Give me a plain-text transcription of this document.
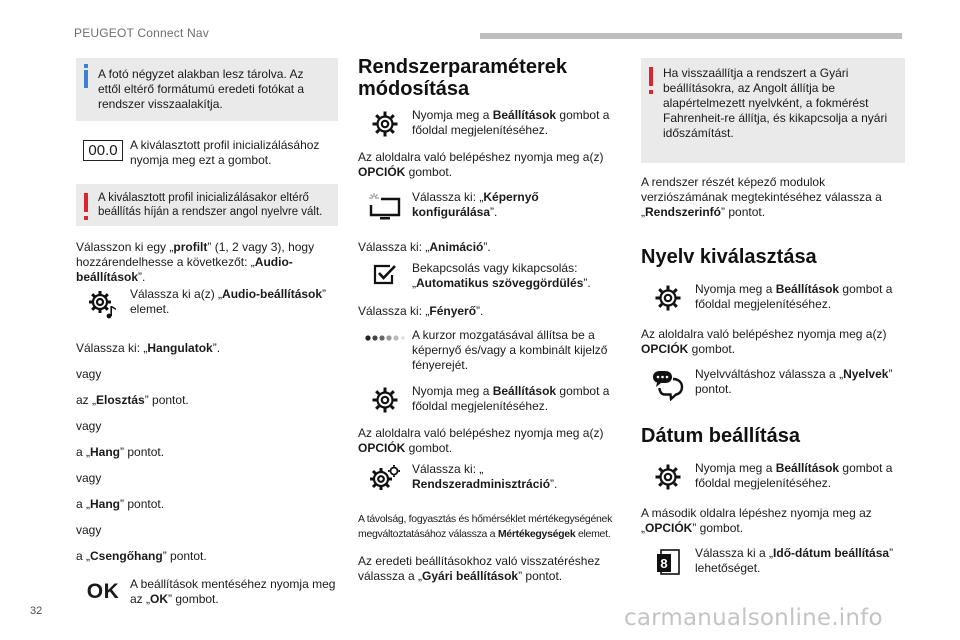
PEUGEOT Connect Nav

A fotó négyzet alakban lesz tárolva. Az ettől eltérő formátumú eredeti fotókat a rendszer visszaalakítja.

00.0	A kiválasztott profil inicializálásához nyomja meg ezt a gombot.

A kiválasztott profil inicializálásakor eltérő beállítás híján a rendszer angol nyelvre vált.

Válasszon ki egy „profilt” (1, 2 vagy 3), hogy hozzárendelhesse a következőt: „Audio-beállítások”.

Válassza ki a(z) „Audio-beállítások” elemet.

Válassza ki: „Hangulatok”.

vagy

az „Elosztás” pontot.

vagy

a „Hang” pontot.

vagy

a „Hang” pontot.

vagy

a „Csengőhang” pontot.

OK A beállítások mentéséhez nyomja meg az „OK” gombot.
Rendszerparaméterek módosítása
Nyomja meg a Beállítások gombot a főoldal megjelenítéséhez.

Az aloldalra való belépéshez nyomja meg a(z) OPCIÓK gombot.

Válassza ki: „Képernyő konfigurálása”.

Válassza ki: „Animáció”.

Bekapcsolás vagy kikapcsolás: „Automatikus szöveggördülés”.

Válassza ki: „Fényerő”.

A kurzor mozgatásával állítsa be a képernyő és/vagy a kombinált kijelző fényerejét.
Nyomja meg a Beállítások gombot a főoldal megjelenítéséhez.

Az aloldalra való belépéshez nyomja meg a(z) OPCIÓK gombot.

Válassza ki: „
Rendszeradminisztráció”.

A távolság, fogyasztás és hőmérséklet mértékegységének megváltoztatásához válassza a Mértékegységek elemet.

Az eredeti beállításokhoz való visszatéréshez válassza a „Gyári beállítások” pontot.

Ha visszaállítja a rendszert a Gyári beállításokra, az Angolt állítja be alapértelmezett nyelvként, a fokmérést Fahrenheit-re állítja, és kikapcsolja a nyári időszámítást.

A rendszer részét képező modulok verziószámának megtekintéséhez válassza a „Rendszerinfó” pontot.

Nyelv kiválasztása
Nyomja meg a Beállítások gombot a főoldal megjelenítéséhez.

Az aloldalra való belépéshez nyomja meg a(z) OPCIÓK gombot.

Nyelvváltáshoz válassza a „Nyelvek” pontot.
Dátum beállítása
Nyomja meg a Beállítások gombot a főoldal megjelenítéséhez.

A második oldalra lépéshez nyomja meg az „OPCIÓK” gombot.

8
Válassza ki a „Idő-dátum beállítása” lehetőséget.
32	carmanualsonline.info
